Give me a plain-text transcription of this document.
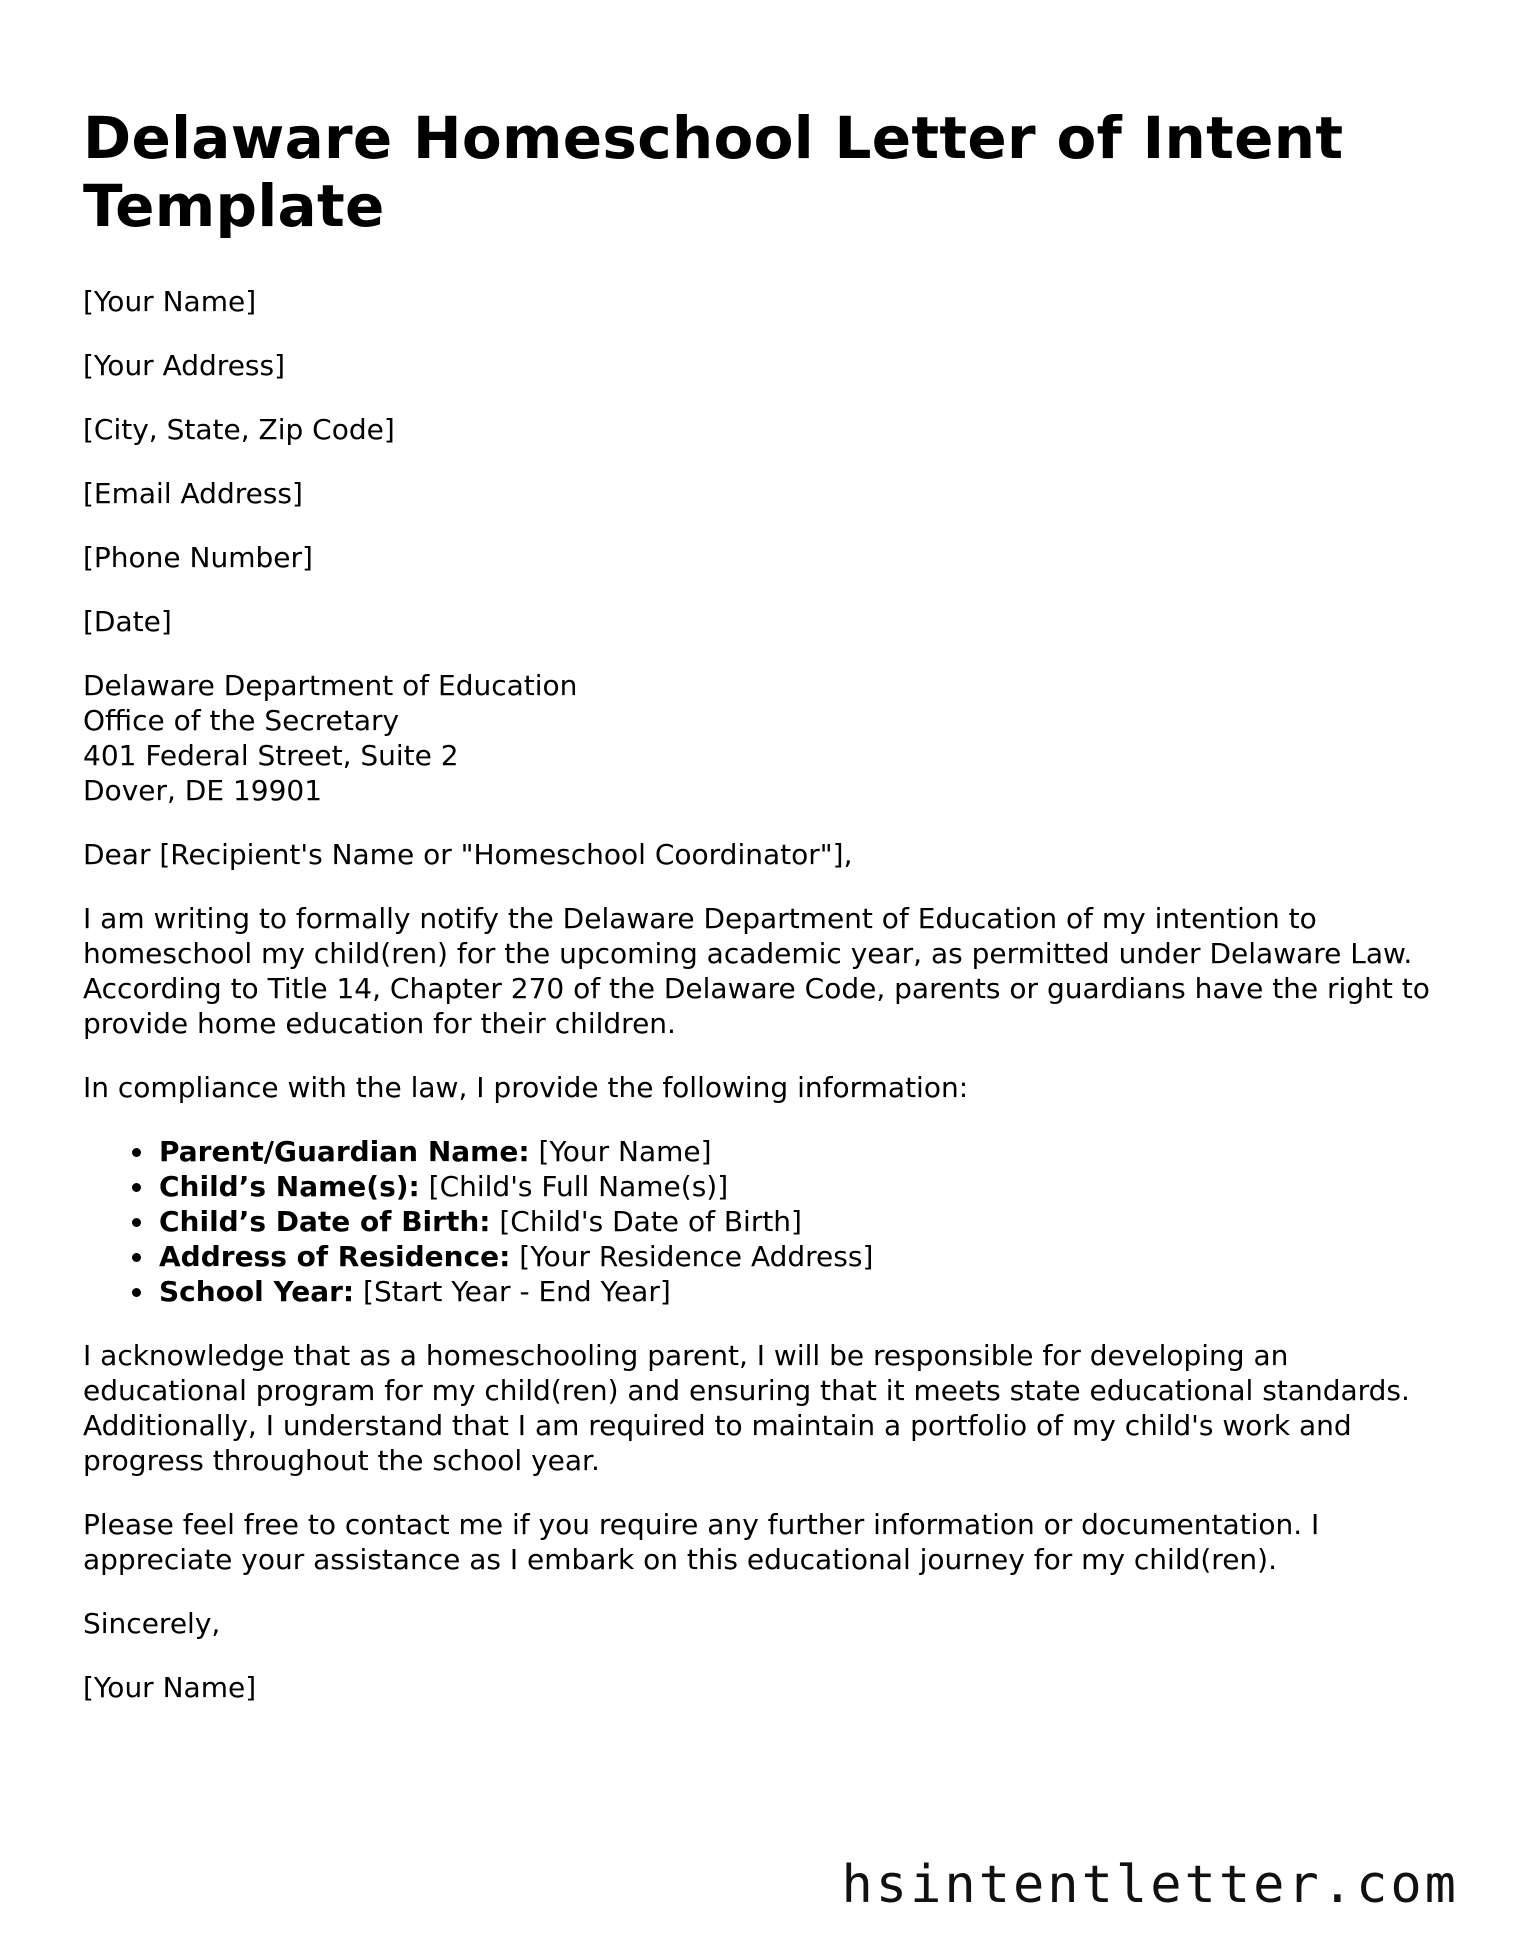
Delaware Homeschool Letter of Intent Template

[Your Name]

[Your Address]

[City, State, Zip Code]

[Email Address]

[Phone Number]

[Date]

Delaware Department of Education
Office of the Secretary
401 Federal Street, Suite 2
Dover, DE 19901

Dear [Recipient's Name or "Homeschool Coordinator"],

I am writing to formally notify the Delaware Department of Education of my intention to homeschool my child(ren) for the upcoming academic year, as permitted under Delaware Law. According to Title 14, Chapter 270 of the Delaware Code, parents or guardians have the right to provide home education for their children.

In compliance with the law, I provide the following information:

• Parent/Guardian Name: [Your Name]
• Child’s Name(s): [Child's Full Name(s)]
• Child’s Date of Birth: [Child's Date of Birth]
• Address of Residence: [Your Residence Address]
• School Year: [Start Year - End Year]

I acknowledge that as a homeschooling parent, I will be responsible for developing an educational program for my child(ren) and ensuring that it meets state educational standards. Additionally, I understand that I am required to maintain a portfolio of my child's work and progress throughout the school year.

Please feel free to contact me if you require any further information or documentation. I appreciate your assistance as I embark on this educational journey for my child(ren).

Sincerely,

[Your Name]

hsintentletter.com
